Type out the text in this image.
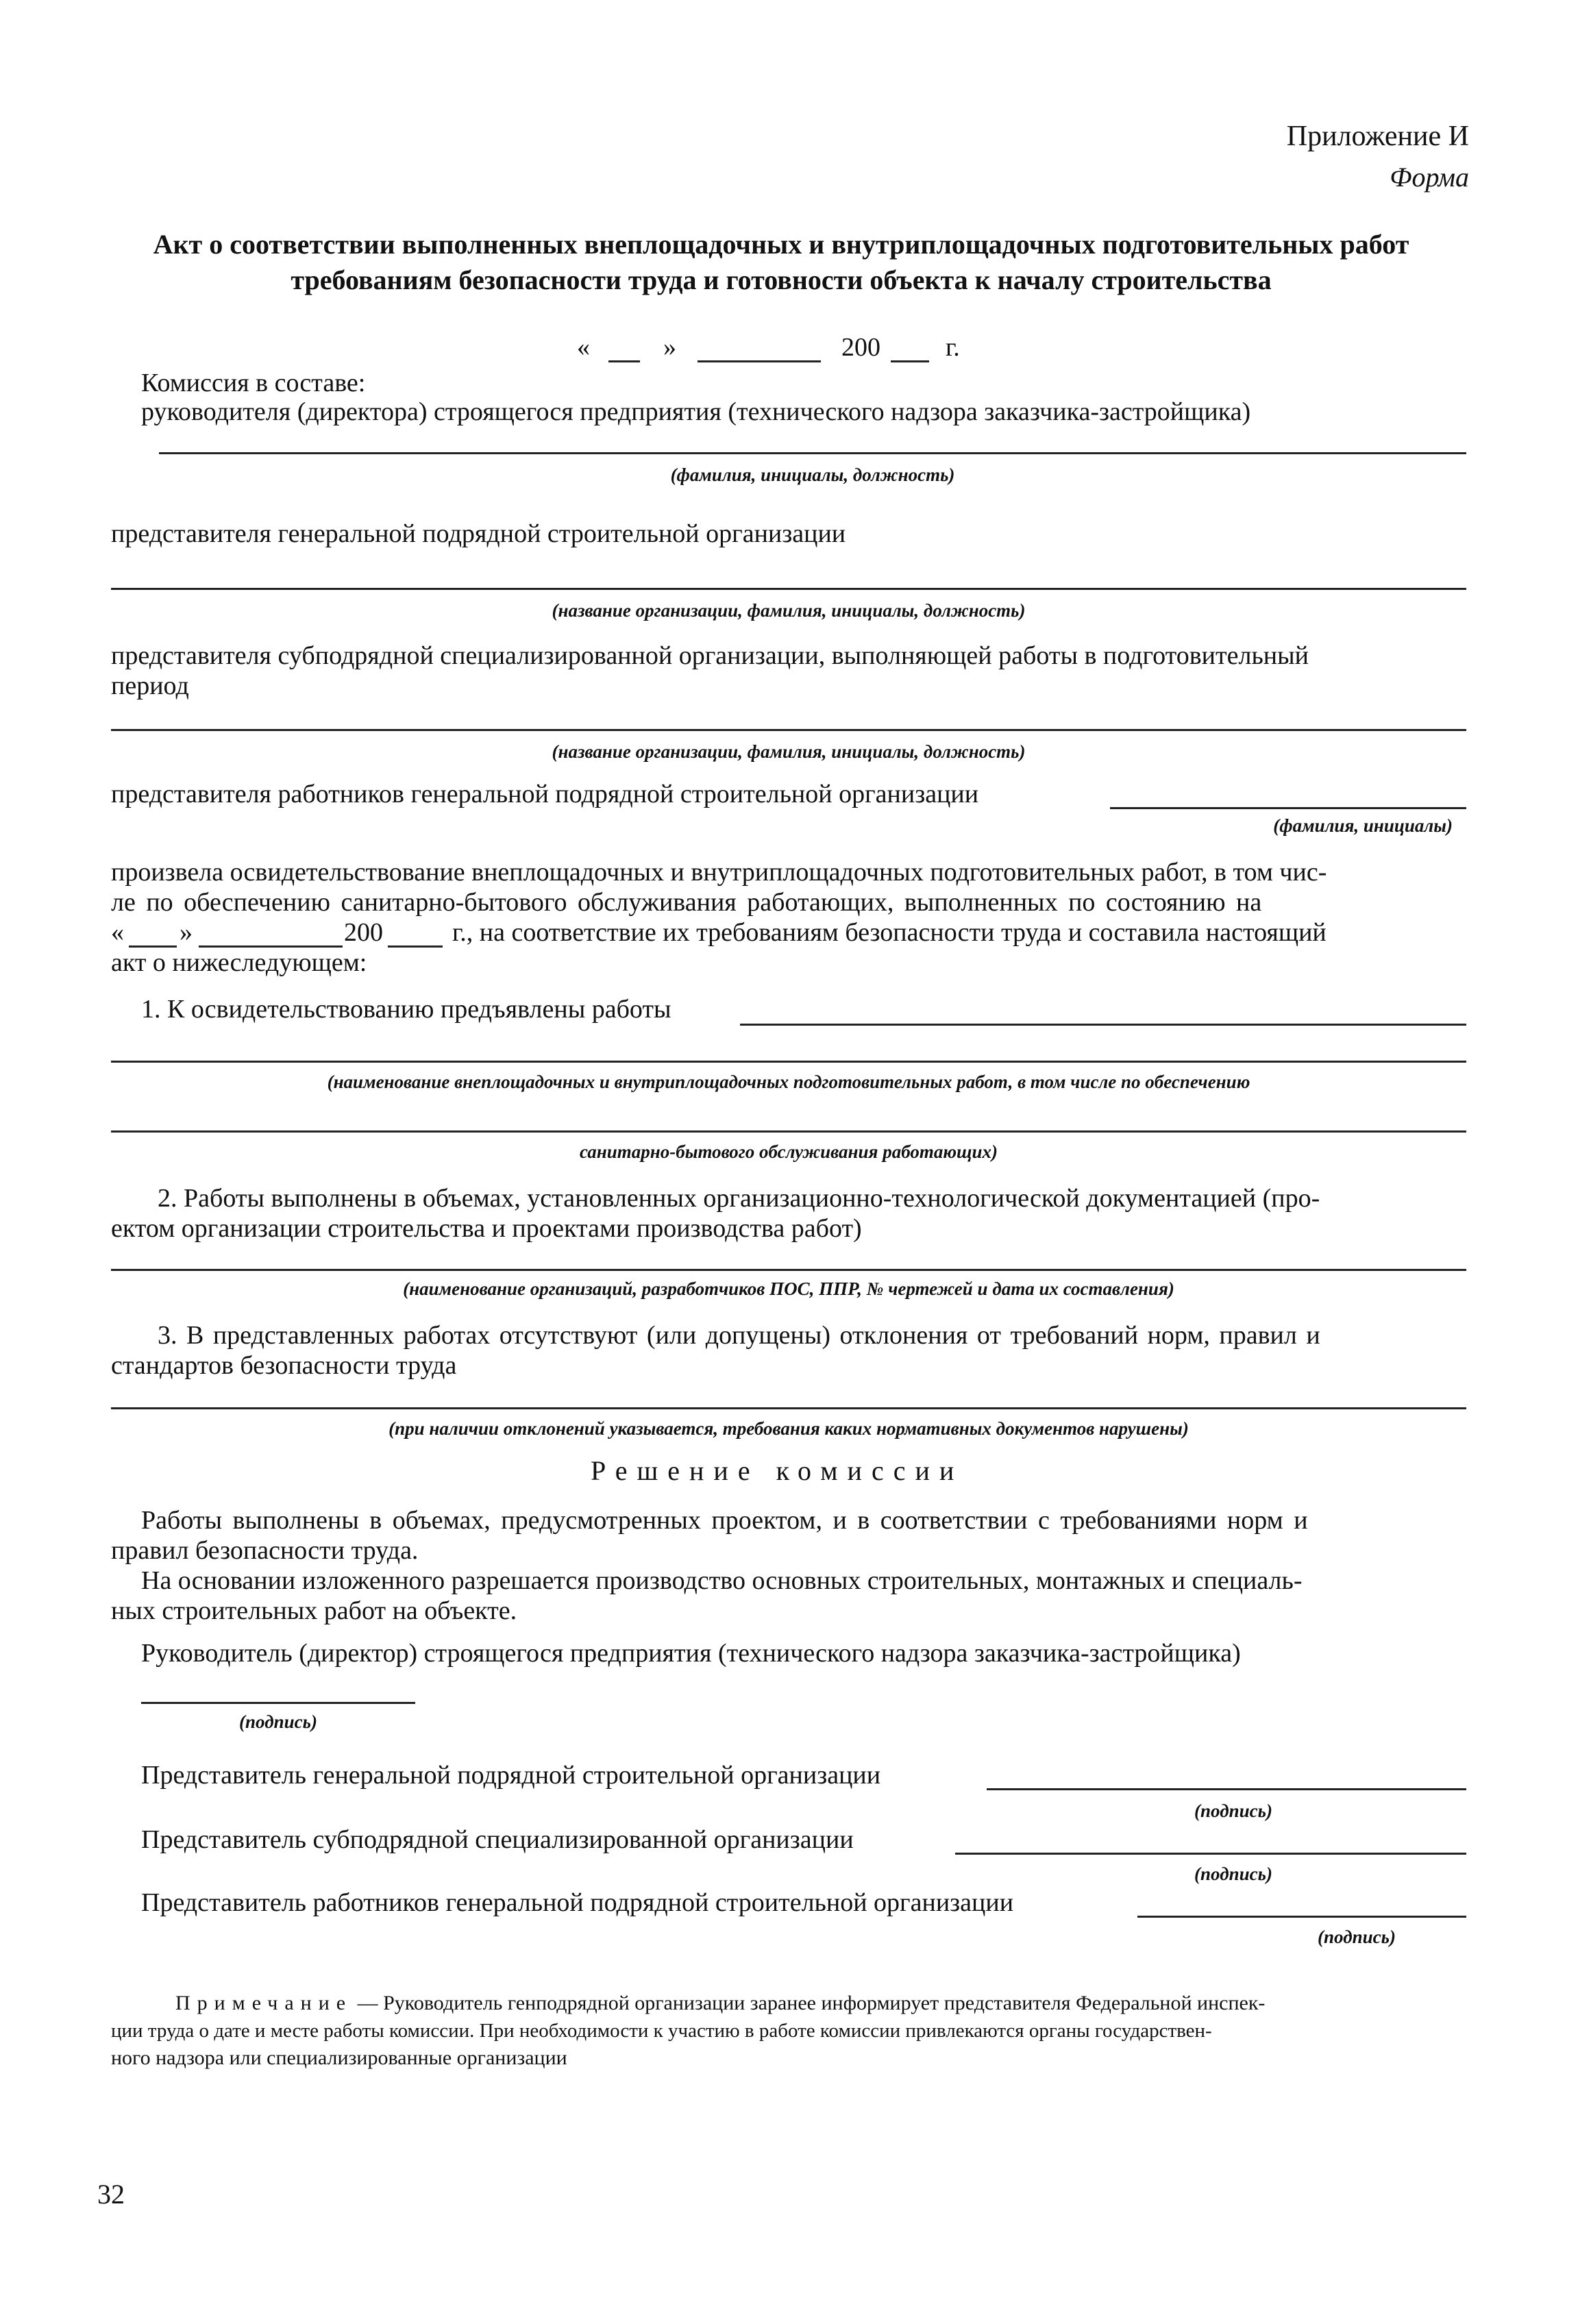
Приложение И
Форма
Акт о соответствии выполненных внеплощадочных и внутриплощадочных подготовительных работ
требованиям безопасности труда и готовности объекта к началу строительства
«	»	200	г.
Комиссия в составе:
руководителя (директора) строящегося предприятия (технического надзора заказчика-застройщика)
(фамилия, инициалы, должность)
представителя генеральной подрядной строительной организации
(название организации, фамилия, инициалы, должность)
представителя субподрядной специализированной организации, выполняющей работы в подготовительный
период
(название организации, фамилия, инициалы, должность)
представителя работников генеральной подрядной строительной организации
(фамилия, инициалы)
произвела освидетельствование внеплощадочных и внутриплощадочных подготовительных работ, в том чис-
ле по обеспечению санитарно-бытового обслуживания работающих, выполненных по состоянию на
« »	200	г., на соответствие их требованиям безопасности труда и составила настоящий
акт о нижеследующем:
1. К освидетельствованию предъявлены работы
(наименование внеплощадочных и внутриплощадочных подготовительных работ, в том числе по обеспечению
санитарно-бытового обслуживания работающих)
2. Работы выполнены в объемах, установленных организационно-технологической документацией (про-
ектом организации строительства и проектами производства работ)
(наименование организаций, разработчиков ПОС, ППР, № чертежей и дата их составления)
3. В представленных работах отсутствуют (или допущены) отклонения от требований норм, правил и
стандартов безопасности труда
(при наличии отклонений указывается, требования каких нормативных документов нарушены)
Решение комиссии
Работы выполнены в объемах, предусмотренных проектом, и в соответствии с требованиями норм и
правил безопасности труда.
На основании изложенного разрешается производство основных строительных, монтажных и специаль-
ных строительных работ на объекте.
Руководитель (директор) строящегося предприятия (технического надзора заказчика-застройщика)
(подпись)
Представитель генеральной подрядной строительной организации
(подпись)
Представитель субподрядной специализированной организации
(подпись)
Представитель работников генеральной подрядной строительной организации
(подпись)
Примечание — Руководитель генподрядной организации заранее информирует представителя Федеральной инспек-
ции труда о дате и месте работы комиссии. При необходимости к участию в работе комиссии привлекаются органы государствен-
ного надзора или специализированные организации
32
